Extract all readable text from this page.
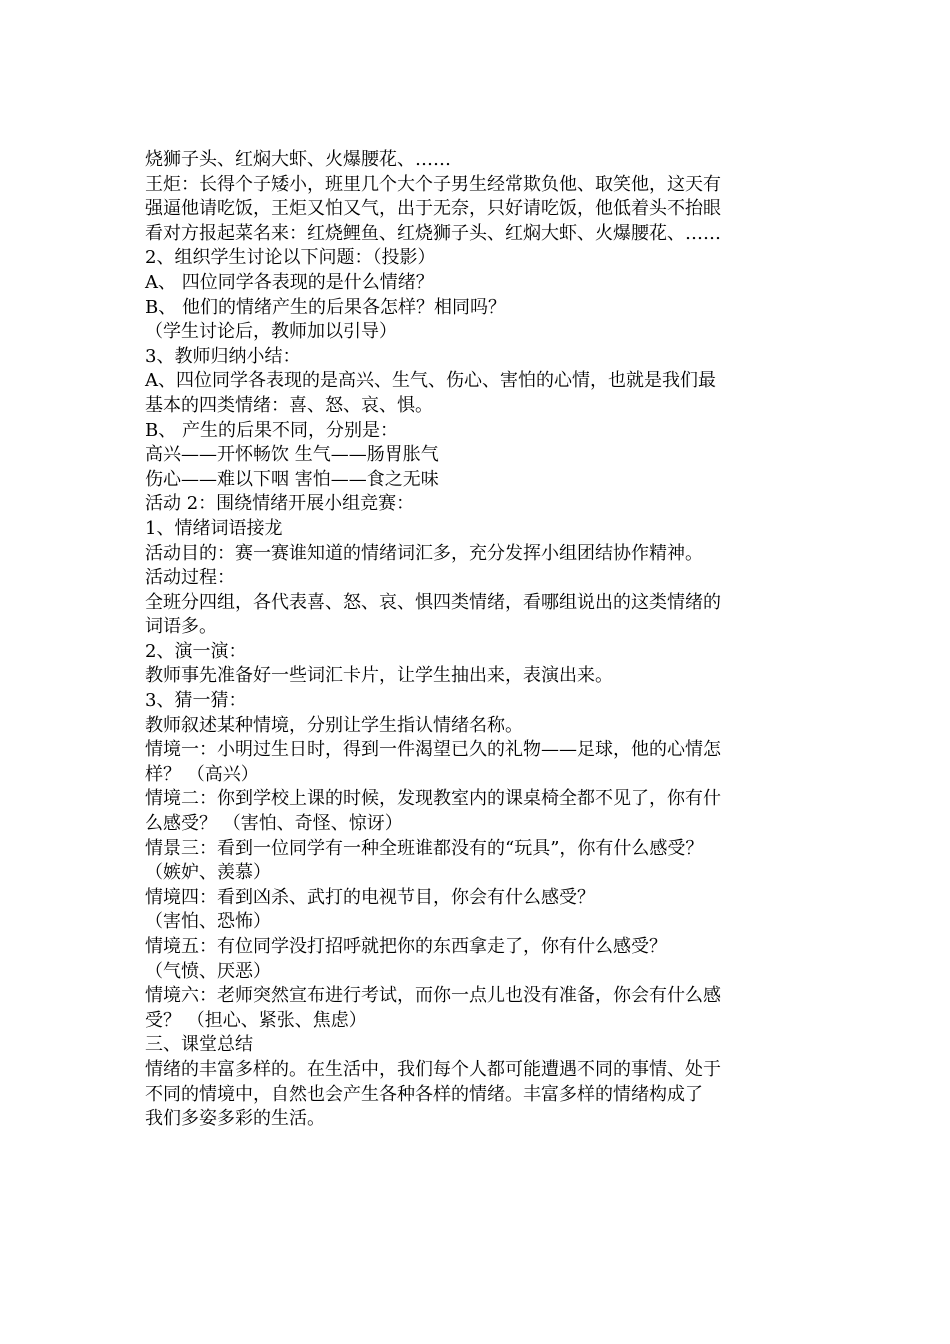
烧狮子头、红焖大虾、火爆腰花、……
王炬：长得个子矮小，班里几个大个子男生经常欺负他、取笑他，这天有
强逼他请吃饭，王炬又怕又气，出于无奈，只好请吃饭，他低着头不抬眼
看对方报起菜名来：红烧鲤鱼、红烧狮子头、红焖大虾、火爆腰花、……
2、组织学生讨论以下问题：（投影）
A、 四位同学各表现的是什么情绪？
B、 他们的情绪产生的后果各怎样？相同吗？
（学生讨论后，教师加以引导）
3、教师归纳小结：
A、四位同学各表现的是高兴、生气、伤心、害怕的心情，也就是我们最
基本的四类情绪：喜、怒、哀、惧。
B、 产生的后果不同，分别是：
高兴——开怀畅饮 生气——肠胃胀气
伤心——难以下咽 害怕——食之无味
活动 2：围绕情绪开展小组竞赛：
1、情绪词语接龙
活动目的：赛一赛谁知道的情绪词汇多，充分发挥小组团结协作精神。
活动过程：
全班分四组，各代表喜、怒、哀、惧四类情绪，看哪组说出的这类情绪的
词语多。
2、演一演：
教师事先准备好一些词汇卡片，让学生抽出来，表演出来。
3、猜一猜：
教师叙述某种情境，分别让学生指认情绪名称。
情境一：小明过生日时，得到一件渴望已久的礼物——足球，他的心情怎
样？ （高兴）
情境二：你到学校上课的时候，发现教室内的课桌椅全都不见了，你有什
么感受？ （害怕、奇怪、惊讶）
情景三：看到一位同学有一种全班谁都没有的“玩具”，你有什么感受？
（嫉妒、羡慕）
情境四：看到凶杀、武打的电视节目，你会有什么感受？
（害怕、恐怖）
情境五：有位同学没打招呼就把你的东西拿走了，你有什么感受？
（气愤、厌恶）
情境六：老师突然宣布进行考试，而你一点儿也没有准备，你会有什么感
受？ （担心、紧张、焦虑）
三、课堂总结
情绪的丰富多样的。在生活中，我们每个人都可能遭遇不同的事情、处于
不同的情境中，自然也会产生各种各样的情绪。丰富多样的情绪构成了
我们多姿多彩的生活。
